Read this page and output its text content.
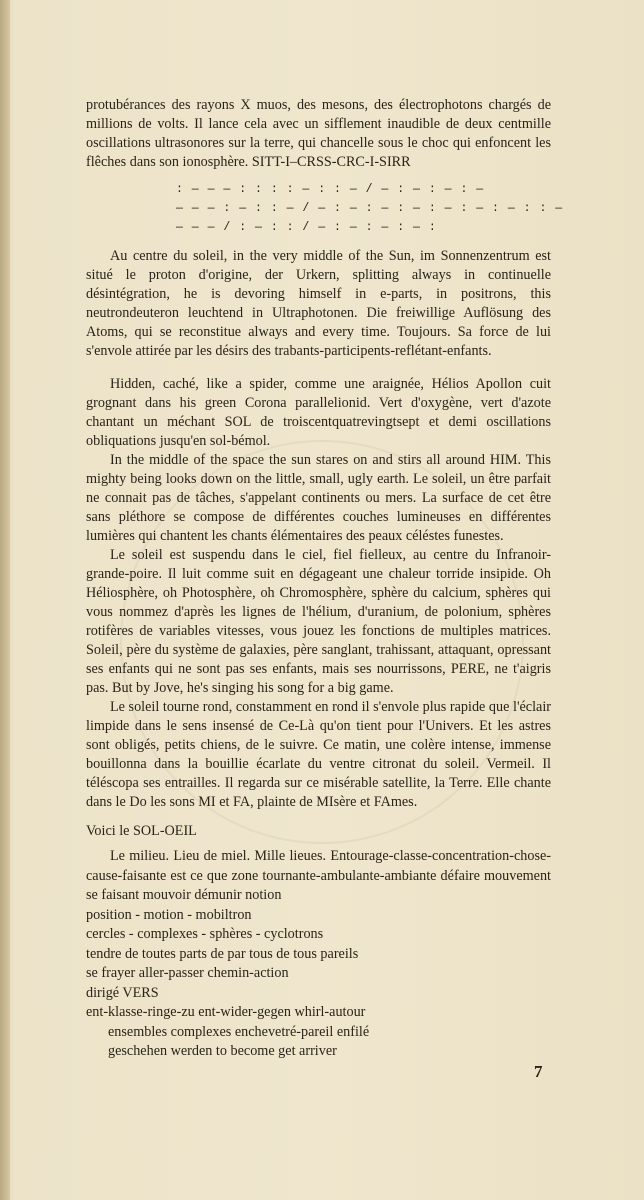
protubérances des rayons X muos, des mesons, des électrophotons chargés de millions de volts. Il lance cela avec un sifflement inaudible de deux centmille oscillations ultrasonores sur la terre, qui chancelle sous le choc qui enfoncent les flêches dans son ionosphère. SITT-I–CRSS-CRC-I-SIRR

: — — — : : : : — : : — / — : — : — : —
— — — : — : : — / — : — : — : — : — : — : — : : —
— — — / : — : : / — : — : — : — :

Au centre du soleil, in the very middle of the Sun, im Sonnenzentrum est situé le proton d'origine, der Urkern, splitting always in continuelle désintégration, he is devoring himself in e-parts, in positrons, this neutrondeuteron leuchtend in Ultraphotonen. Die freiwillige Auflösung des Atoms, qui se reconstitue always and every time. Toujours. Sa force de lui s'envole attirée par les désirs des trabants-participents-reflétant-enfants.

Hidden, caché, like a spider, comme une araignée, Hélios Apollon cuit grognant dans his green Corona parallelionid. Vert d'oxygène, vert d'azote chantant un méchant SOL de troiscentquatrevingtsept et demi oscillations obliquations jusqu'en sol-bémol.

In the middle of the space the sun stares on and stirs all around HIM. This mighty being looks down on the little, small, ugly earth. Le soleil, un être parfait ne connait pas de tâches, s'appelant continents ou mers. La surface de cet être sans pléthore se compose de différentes couches lumineuses en différentes lumières qui chantent les chants élémentaires des peaux céléstes funestes.

Le soleil est suspendu dans le ciel, fiel fielleux, au centre du Infranoir-grande-poire. Il luit comme suit en dégageant une chaleur torride insipide. Oh Héliosphère, oh Photosphère, oh Chromosphère, sphère du calcium, sphères qui vous nommez d'après les lignes de l'hélium, d'uranium, de polonium, sphères rotifères de variables vitesses, vous jouez les fonctions de multiples matrices. Soleil, père du système de galaxies, père sanglant, trahissant, attaquant, opressant ses enfants qui ne sont pas ses enfants, mais ses nourrissons, PERE, ne t'aigris pas. But by Jove, he's singing his song for a big game.

Le soleil tourne rond, constamment en rond il s'envole plus rapide que l'éclair limpide dans le sens insensé de Ce-Là qu'on tient pour l'Univers. Et les astres sont obligés, petits chiens, de le suivre. Ce matin, une colère intense, immense bouillonna dans la bouillie écarlate du ventre citronat du soleil. Vermeil. Il téléscopa ses entrailles. Il regarda sur ce misérable satellite, la Terre. Elle chante dans le Do les sons MI et FA, plainte de MIsère et FAmes.

Voici le SOL-OEIL

Le milieu. Lieu de miel. Mille lieues. Entourage-classe-concentration-chose-cause-faisante est ce que zone tournante-ambulante-ambiante défaire mouvement se faisant mouvoir démunir notion
position - motion - mobiltron
cercles - complexes - sphères - cyclotrons
tendre de toutes parts de par tous de tous pareils
se frayer aller-passer chemin-action
dirigé VERS
ent-klasse-ringe-zu ent-wider-gegen whirl-autour
ensembles complexes enchevetré-pareil enfilé
geschehen werden to become get arriver
7
